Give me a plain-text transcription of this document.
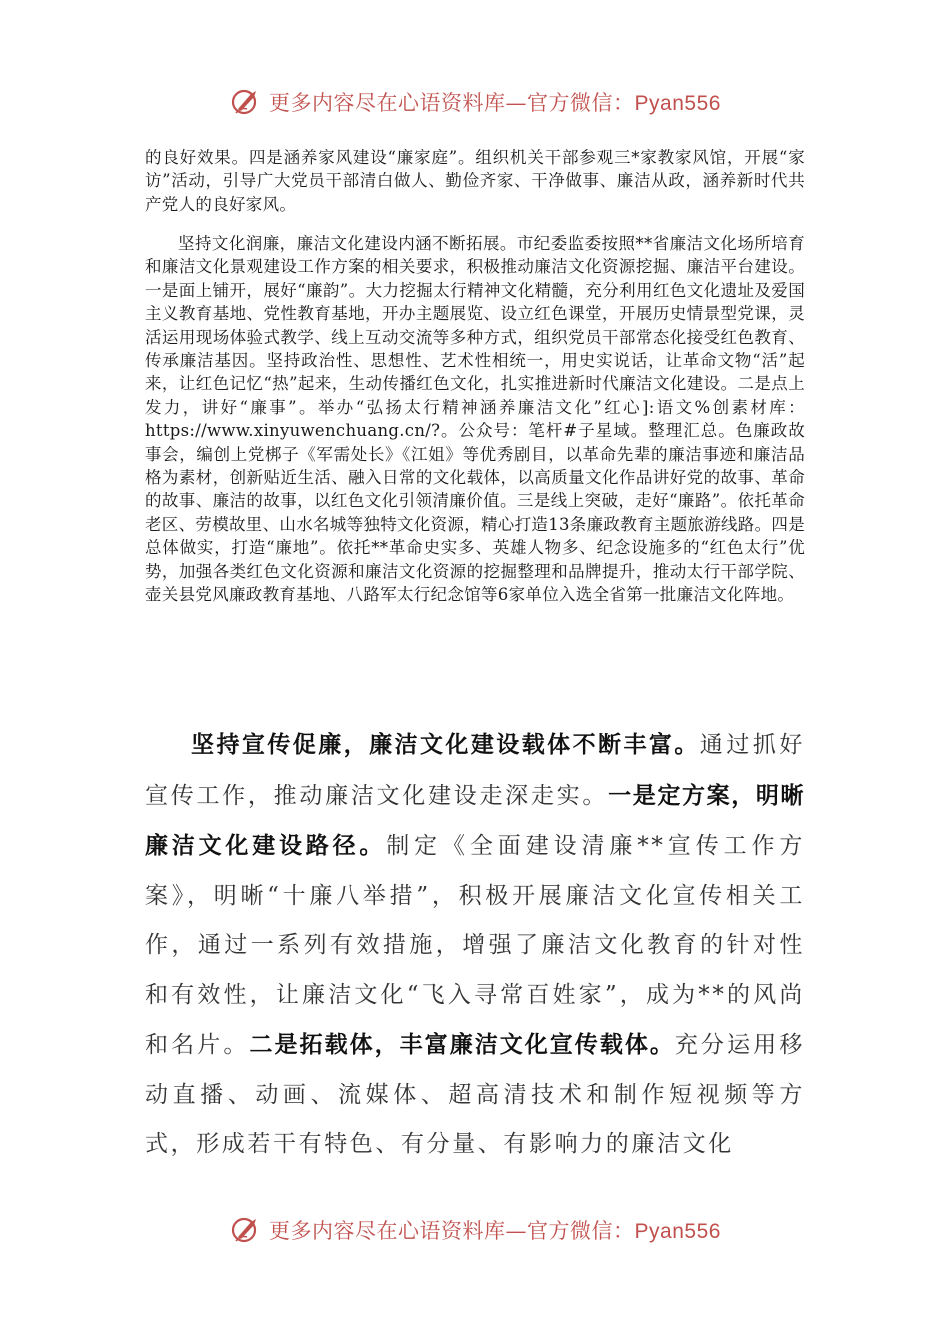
更多内容尽在心语资料库—官方微信：Pyan556

的良好效果。四是涵养家风建设“廉家庭”。组织机关干部参观三*家教家风馆，开展“家访”活动，引导广大党员干部清白做人、勤俭齐家、干净做事、廉洁从政，涵养新时代共产党人的良好家风。

坚持文化润廉，廉洁文化建设内涵不断拓展。市纪委监委按照**省廉洁文化场所培育和廉洁文化景观建设工作方案的相关要求，积极推动廉洁文化资源挖掘、廉洁平台建设。一是面上铺开，展好“廉韵”。大力挖掘太行精神文化精髓，充分利用红色文化遗址及爱国主义教育基地、党性教育基地，开办主题展览、设立红色课堂，开展历史情景型党课，灵活运用现场体验式教学、线上互动交流等多种方式，组织党员干部常态化接受红色教育、传承廉洁基因。坚持政治性、思想性、艺术性相统一，用史实说话，让革命文物“活”起来，让红色记忆“热”起来，生动传播红色文化，扎实推进新时代廉洁文化建设。二是点上发力，讲好“廉事”。举办“弘扬太行精神涵养廉洁文化”红心]:语文%创素材库：https://www.xinyuwenchuang.cn/?。公众号：笔杆#子星域。整理汇总。色廉政故事会，编创上党梆子《军需处长》《江姐》等优秀剧目，以革命先辈的廉洁事迹和廉洁品格为素材，创新贴近生活、融入日常的文化载体，以高质量文化作品讲好党的故事、革命的故事、廉洁的故事，以红色文化引领清廉价值。三是线上突破，走好“廉路”。依托革命老区、劳模故里、山水名城等独特文化资源，精心打造13条廉政教育主题旅游线路。四是总体做实，打造“廉地”。依托**革命史实多、英雄人物多、纪念设施多的“红色太行”优势，加强各类红色文化资源和廉洁文化资源的挖掘整理和品牌提升，推动太行干部学院、壶关县党风廉政教育基地、八路军太行纪念馆等6家单位入选全省第一批廉洁文化阵地。

坚持宣传促廉，廉洁文化建设载体不断丰富。通过抓好宣传工作，推动廉洁文化建设走深走实。一是定方案，明晰廉洁文化建设路径。制定《全面建设清廉**宣传工作方案》，明晰“十廉八举措”，积极开展廉洁文化宣传相关工作，通过一系列有效措施，增强了廉洁文化教育的针对性和有效性，让廉洁文化“飞入寻常百姓家”，成为**的风尚和名片。二是拓载体，丰富廉洁文化宣传载体。充分运用移动直播、动画、流媒体、超高清技术和制作短视频等方式，形成若干有特色、有分量、有影响力的廉洁文化

更多内容尽在心语资料库—官方微信：Pyan556
